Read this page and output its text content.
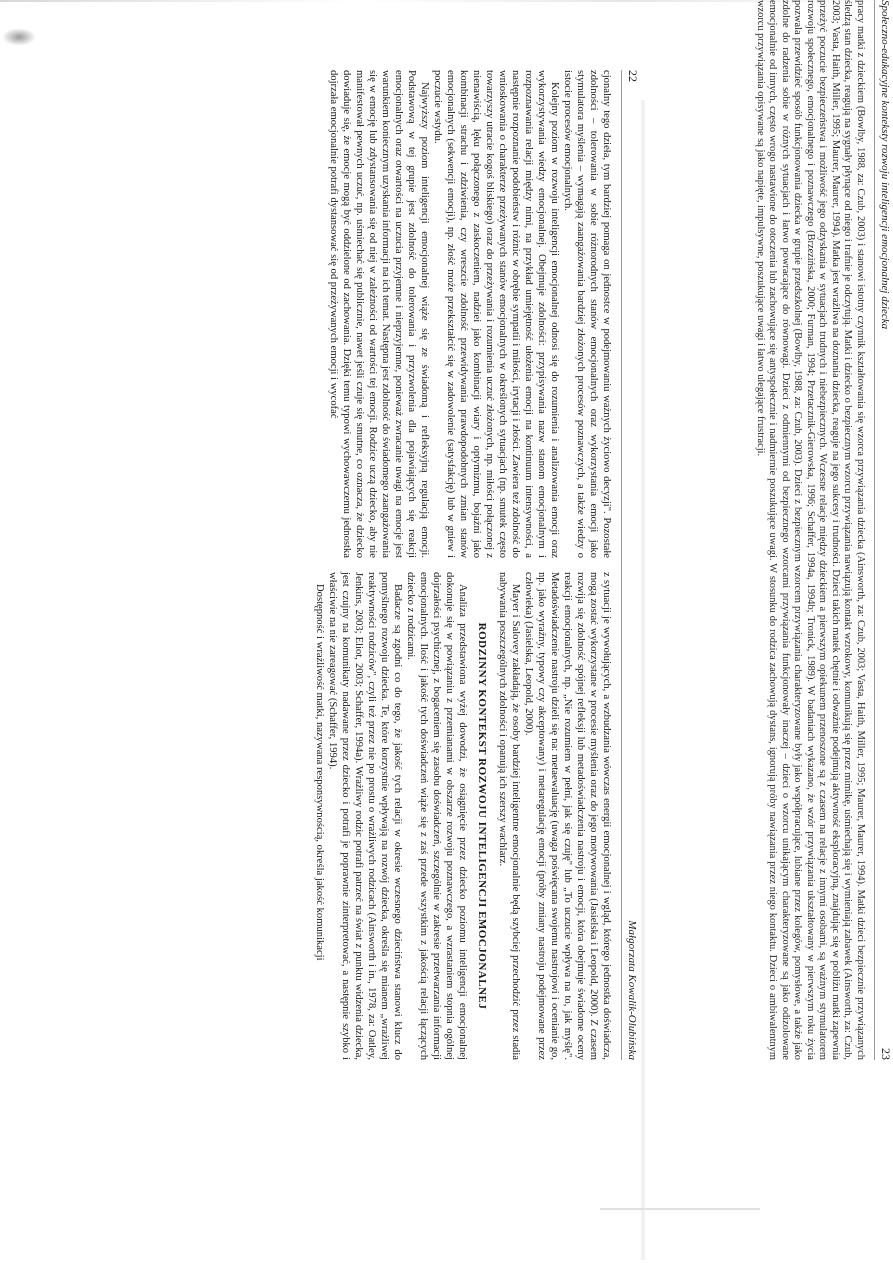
22
Małgorzata Kowalik-Olubińska

cjonalny tego dzieła, tym bardziej pomaga on jednostce w podejmowaniu ważnych życiowo decyzji". Pozostałe zdolności – tolerowania w sobie różnorodnych stanów emocjonalnych oraz wykorzystania emocji jako stymulatora myślenia – wymagają zaangażowania bardziej złożonych procesów poznawczych, a także wiedzy o istocie procesów emocjonalnych.

Kolejny poziom w rozwoju inteligencji emocjonalnej odnosi się do rozumienia i analizowania emocji oraz wykorzystywania wiedzy emocjonalnej. Obejmuje zdolności: przypisywania nazw stanom emocjonalnym i rozpoznawania relacji między nimi, na przykład umiejętność ułożenia emocji na kontinuum intensywności, a następnie rozpoznanie podobieństw i różnic w obrębie sympatii i miłości, irytacji i złości. Zawiera też zdolność do wnioskowania o charakterze przeżywanych stanów emocjonalnych w określonych sytuacjach (np. smutek często towarzyszy utracie kogoś bliskiego) oraz do przeżywania i rozumienia uczuć złożonych, np. miłości połączonej z nienawiścią, lęku połączonego z zaskoczeniem, nadziei jako kombinacji wiary i optymizmu, bojaźni jako kombinacji strachu i zdziwienia, czy wreszcie zdolność przewidywania prawdopodobnych zmian stanów emocjonalnych (sekwencji emocji), np. złość może przekształcić się w zadowolenie (satysfakcję) lub w gniew i poczucie wstydu.

Najwyższy poziom inteligencji emocjonalnej wiąże się ze świadomą i refleksyjną regulacją emocji. Podstawową w tej grupie jest zdolność do tolerowania i przyzwolenia dla pojawiających się reakcji emocjonalnych oraz otwartości na uczucia przyjemne i nieprzyjemne, ponieważ zwracanie uwagi na emocje jest warunkiem koniecznym uzyskania informacji na ich temat. Następna jest zdolność do świadomego zaangażowania się w emocję lub zdystansowania się od niej w zależności od wartości tej emocji. Rodzice uczą dziecko, aby nie manifestował pewnych uczuć, np. uśmiechać się publicznie, nawet jeśli czuje się smutne, co oznacza, że dziecko dowiaduje się, że emocje mogą być oddzielone od zachowania. Dzięki temu typowi wychowawczemu jednostka dojrzała emocjonalnie potrafi dystansować się od przeżywanych emocji i wycofać

z sytuacji je wywołujących, a wzbudzania wówczas energii emocjonalnej i wgląd, którego jednostka doświadcza, mogą zostać wykorzystane w procesie myślenia oraz do jego motywowania (Jasielska i Leopold, 2000). Z czasem rozwija się zdolność spójnej refleksji lub metadoświadczenia nastroju i emocji, która obejmuje świadome oceny reakcji emocjonalnych, np. „Nie rozumiem w pełni, jak się czuję" lub „To uczucie wpływa na to, jak myślę". Metadoświadczenie nastroju dzieli się na: metaewaluację (uwaga poświęcana swojemu nastrojowi i ocenianie go, np. jako wyraźny, typowy czy akceptowany) i metaregulację emocji (próby zmiany nastroju podejmowane przez człowieka) (Jasielska, Leopold, 2000).

Mayer i Salovey zakładają, że osoby bardziej inteligentne emocjonalnie będą szybciej przechodzić przez stadia nabywania poszczególnych zdolności i opanują ich szerszy wachlarz.

RODZINNY KONTEKST ROZWOJU INTELIGENCJI EMOCJONALNEJ

Analiza przedstawiona wyżej dowodzi, że osiągnięcie przez dziecko poziomu inteligencji emocjonalnej dokonuje się w powiązaniu z przemianami w obszarze rozwoju poznawczego, a wzrastaniem stopnia ogólnej dojrzałości psychicznej, z bogaceniem się zasobu doświadczeń, szczególnie w zakresie przetwarzania informacji emocjonalnych. Ilość i jakość tych doświadczeń wiąże się z zaś przede wszystkim z jakością relacji łączących dziecko z rodzicami.

Badacze są zgodni co do tego, że jakość tych relacji w okresie wczesnego dzieciństwa stanowi klucz do pomyślnego rozwoju dziecka. Te, które korzystnie wpływają na rozwój dziecka, określa się mianem „wrażliwej reaktywności rodziców", czyli też przez nie po prostu o wrażliwych rodzicach (Ainsworth i in., 1978, za: Oatley, Jenkins, 2003; Eliot, 2003; Schaffer, 1994a). Wrażliwy rodzic potrafi patrzeć na świat z punktu widzenia dziecka, jest czujny na komunikaty nadawane przez dziecko i potrafi je poprawnie zinterpretować, a następnie szybko i właściwie na nie zareagować (Schaffer, 1994).

Dostępność i wrażliwość matki, nazywana responsywnością, określa jakość komunikacji

Społeczno-edukacyjne konteksty rozwoju inteligencji emocjonalnej dziecka
23

pracy matki z dzieckiem (Bowlby, 1988, za: Czub, 2003) i stanowi istotny czynnik kształtowania się wzorca przywiązania dziecka (Ainsworth, za: Czub, 2003; Vasta, Haith, Miller, 1995; Maurer, Maurer, 1994). Matki dzieci bezpiecznie przywiązanych śledzą stan dziecka, reagują na sygnały płynące od niego i trafnie je odczytują. Matki i dziecko o bezpiecznym wzorcu przywiązania nawiązują kontakt wzrokowy, komunikują się przez mimikę, uśmiechają się i wymieniają zabawek (Ainsworth, za: Czub, 2003; Vasta, Haith, Miller, 1995; Maurer, Maurer, 1994). Matka jest wrażliwa na doznania dziecka, reaguje na jego sukcesy i trudności. Dzieci takich matek chętnie i odważnie podejmują aktywność eksploracyjną, znajdując się w pobliżu matki zapewnia przeżyć poczucie bezpieczeństwa i możliwość jego odzyskania w sytuacjach trudnych i niebezpiecznych. Wczesne relacje między dzieckiem a pierwszym opiekunem przenoszone są z czasem na relacje z innymi osobami, są ważnym stymulatorem rozwoju społecznego, emocjonalnego i poznawczego (Brzezińska, 2000; Furman, 1994; Przetacznik-Gierowska, 1996; Schaffer, 1994a, 1994b; Tronick, 1989). W badaniach wykazano, że wzór przywiązania ukształtowany w pierwszym roku życia pozwala przewidzieć sposób funkcjonowania dziecka w grupie przedszkolnej (Bowlby, 1988, za: Czub, 2003). Dzieci z bezpiecznym wzorcem przywiązania charakteryzowane były jako współpracujące, lubiane przez kolegów, pomysłowe, a także jako zdolne do radzenia sobie w różnych sytuacjach i łatwo powracające do równowagi. Dzieci z odmiennymi od bezpiecznego wzorcami przywiązania funkcjonowały inaczej – dzieci o wzorcu unikającym charakteryzowane są jako odizolowane emocjonalnie od innych, często wrogo nastawione do otoczenia lub zachowujące się antyspołecznie i nadmiernie poszukujące uwagi. W stosunku do rodzica zachowują dystans, ignorują próby nawiązania przez niego kontaktu. Dzieci o ambiwalentnym wzorcu przywiązania opisywane są jako napięte, impulsywne, poszukujące uwagi i łatwo ulegające frustracji.
